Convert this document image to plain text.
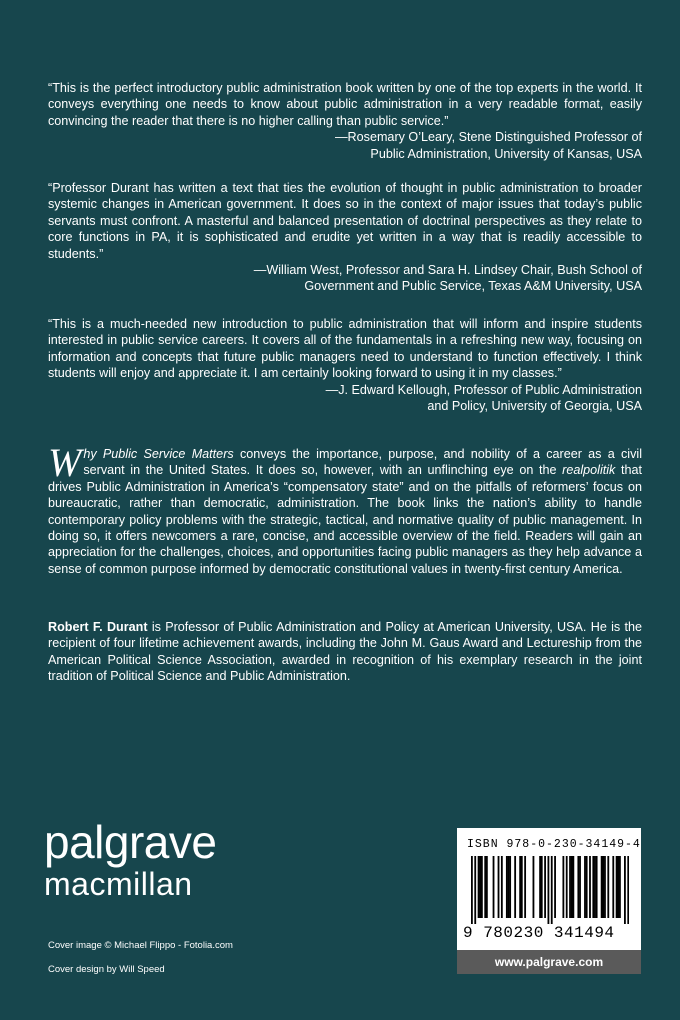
“This is the perfect introductory public administration book written by one of the top experts in the world. It conveys everything one needs to know about public administration in a very readable format, easily convincing the reader that there is no higher calling than public service.”

—Rosemary O’Leary, Stene Distinguished Professor of

Public Administration, University of Kansas, USA

“Professor Durant has written a text that ties the evolution of thought in public administration to broader systemic changes in American government. It does so in the context of major issues that today’s public servants must confront. A masterful and balanced presentation of doctrinal perspectives as they relate to core functions in PA, it is sophisticated and erudite yet written in a way that is readily accessible to students.”

—William West, Professor and Sara H. Lindsey Chair, Bush School of

Government and Public Service, Texas A&M University, USA

“This is a much-needed new introduction to public administration that will inform and inspire students interested in public service careers. It covers all of the fundamentals in a refreshing new way, focusing on information and concepts that future public managers need to understand to function effectively. I think students will enjoy and appreciate it. I am certainly looking forward to using it in my classes.”

—J. Edward Kellough, Professor of Public Administration

and Policy, University of Georgia, USA

Why Public Service Matters conveys the importance, purpose, and nobility of a career as a civil servant in the United States. It does so, however, with an unflinching eye on the realpolitik that drives Public Administration in America’s “compensatory state” and on the pitfalls of reformers’ focus on bureaucratic, rather than democratic, administration. The book links the nation’s ability to handle contemporary policy problems with the strategic, tactical, and normative quality of public management. In doing so, it offers newcomers a rare, concise, and accessible overview of the field. Readers will gain an appreciation for the challenges, choices, and opportunities facing public managers as they help advance a sense of common purpose informed by democratic constitutional values in twenty-first century America.

Robert F. Durant is Professor of Public Administration and Policy at American University, USA. He is the recipient of four lifetime achievement awards, including the John M. Gaus Award and Lectureship from the American Political Science Association, awarded in recognition of his exemplary research in the joint tradition of Political Science and Public Administration.

palgrave
macmillan
Cover image © Michael Flippo - Fotolia.com
Cover design by Will Speed
ISBN 978-0-230-34149-4
9 780230 341494
www.palgrave.com
